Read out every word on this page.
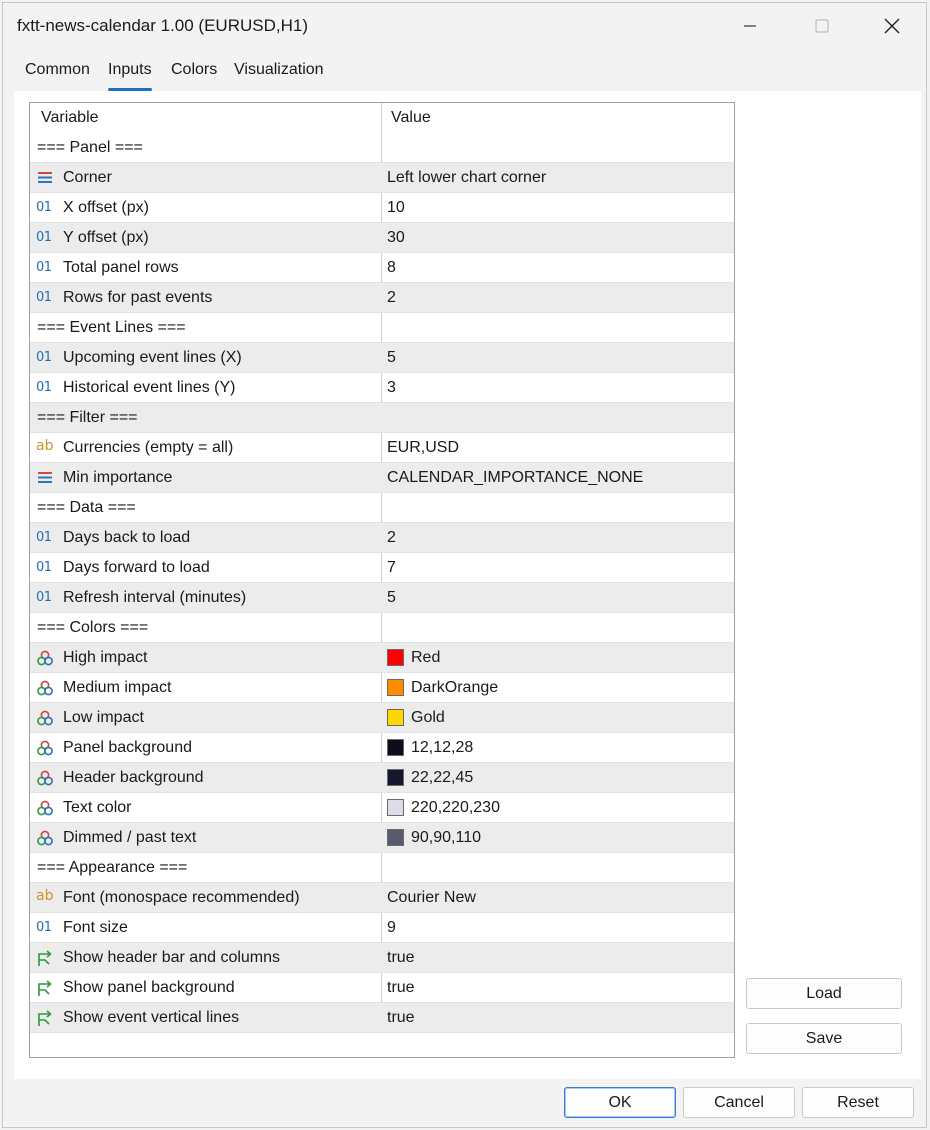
fxtt-news-calendar 1.00 (EURUSD,H1)
Common Inputs Colors Visualization
Variable	Value
=== Panel ===
Corner	Left lower chart corner
01 X offset (px)	10
01 Y offset (px)	30
01 Total panel rows	8
01 Rows for past events	2
=== Event Lines ===
01 Upcoming event lines (X)	5
01 Historical event lines (Y)	3
=== Filter ===
ab Currencies (empty = all)	EUR,USD
Min importance	CALENDAR_IMPORTANCE_NONE
=== Data ===
01 Days back to load	2
01 Days forward to load	7
01 Refresh interval (minutes)	5
=== Colors ===
High impact	Red
Medium impact	DarkOrange
Low impact	Gold
Panel background	12,12,28
Header background	22,22,45
Text color	220,220,230
Dimmed / past text	90,90,110
=== Appearance ===
ab Font (monospace recommended)	Courier New
01 Font size	9
Show header bar and columns	true
Show panel background	true
Show event vertical lines	true
Load
Save
OK	Cancel	Reset
